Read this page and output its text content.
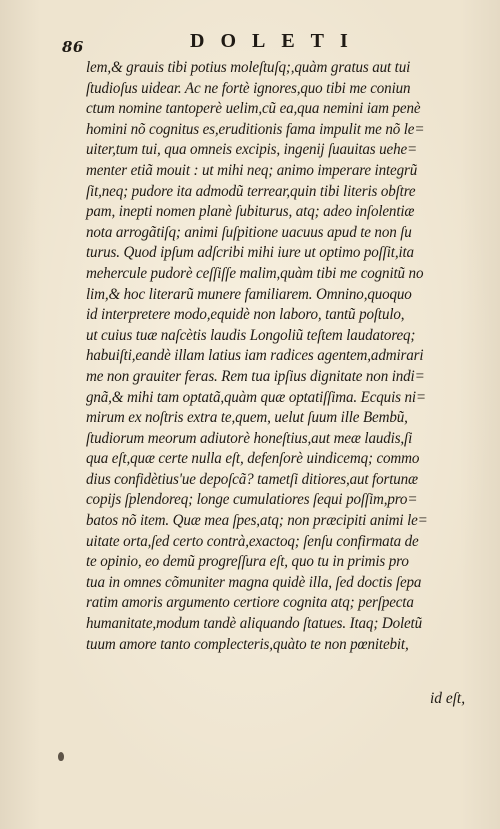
86	DOLETI
lem,& grauis tibi potius moleſtuſq;,quàm gratus aut tui
ſtudioſus uidear. Ac ne fortè ignores,quo tibi me coniun
ctum nomine tantoperè uelim,cũ ea,qua nemini iam penè
homini nõ cognitus es,eruditionis fama impulit me nõ le=
uiter,tum tui, qua omneis excipis, ingenij ſuauitas uehe=
menter etiã mouit : ut mihi neq; animo imperare integrũ
ſit,neq; pudore ita admodũ terrear,quin tibi literis obſtre
pam, inepti nomen planè ſubiturus, atq; adeo inſolentiæ
nota arrogãtiſq; animi ſuſpitione uacuus apud te non ſu
turus. Quod ipſum adſcribi mihi iure ut optimo poſſit,ita
mehercule pudorè ceſſiſſe malim,quàm tibi me cognitũ no
lim,& hoc literarũ munere familiarem. Omnino,quoquo
id interpretere modo,equidè non laboro, tantũ poſtulo,
ut cuius tuæ naſcètis laudis Longoliũ teſtem laudatoreq;
habuiſti,eandè illam latius iam radices agentem,admirari
me non grauiter feras. Rem tua ipſius dignitate non indi=
gnã,& mihi tam optatã,quàm quæ optatiſſima. Ecquis ni=
mirum ex noſtris extra te,quem, uelut ſuum ille Bembũ,
ſtudiorum meorum adiutorè honeſtius,aut meæ laudis,ſi
qua eſt,quæ certe nulla eſt, defenſorè uindicemq; commo
dius confidètius'ue depoſcã? tametſi ditiores,aut fortunæ
copijs ſplendoreq; longe cumulatiores ſequi poſſim,pro=
batos nõ item. Quæ mea ſpes,atq; non præcipiti animi le=
uitate orta,ſed certo contrà,exactoq; ſenſu confirmata de
te opinio, eo demũ progreſſura eſt, quo tu in primis pro
tua in omnes cõmuniter magna quidè illa, ſed doctis ſepa
ratim amoris argumento certiore cognita atq; perſpecta
humanitate,modum tandè aliquando ſtatues. Itaq; Doletũ
tuum amore tanto complecteris,quàto te non pœnitebit,
id eſt,
